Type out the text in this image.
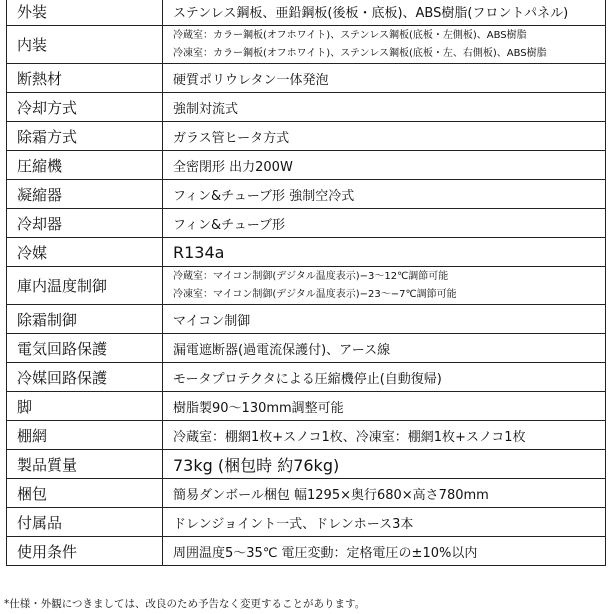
外装	ステンレス鋼板、亜鉛鋼板(後板・底板)、ABS樹脂(フロントパネル)
内装	冷蔵室：カラー鋼板(オフホワイト)、ステンレス鋼板(底板・左側板)、ABS樹脂
冷凍室：カラー鋼板(オフホワイト)、ステンレス鋼板(底板・左、右側板)、ABS樹脂

断熱材	硬質ポリウレタン一体発泡
冷却方式	強制対流式
除霜方式	ガラス管ヒータ方式
圧縮機	全密閉形 出力200W
凝縮器	フィン&チューブ形 強制空冷式
冷却器	フィン&チューブ形
冷媒	R134a
庫内温度制御	冷蔵室：マイコン制御(デジタル温度表示)−3〜12℃調節可能
冷凍室：マイコン制御(デジタル温度表示)−23〜−7℃調節可能

除霜制御	マイコン制御
電気回路保護	漏電遮断器(過電流保護付)、アース線
冷媒回路保護	モータプロテクタによる圧縮機停止(自動復帰)
脚	樹脂製90〜130mm調整可能
棚網	冷蔵室：棚網1枚+スノコ1枚、冷凍室：棚網1枚+スノコ1枚
製品質量	73kg (梱包時 約76kg)
梱包	簡易ダンボール梱包 幅1295×奥行680×高さ780mm
付属品	ドレンジョイント一式、ドレンホース3本
使用条件	周囲温度5〜35℃ 電圧変動：定格電圧の±10%以内
*仕様・外観につきましては、改良のため予告なく変更することがあります。
